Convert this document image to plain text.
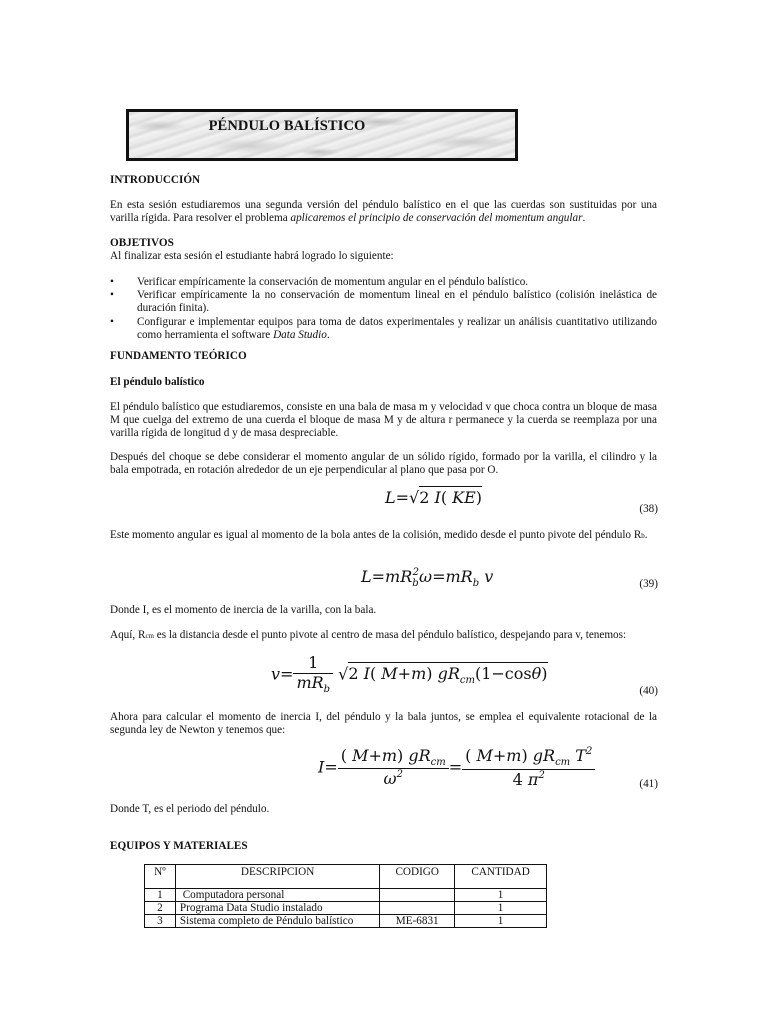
PÉNDULO BALÍSTICO
INTRODUCCIÓN
En esta sesión estudiaremos una segunda versión del péndulo balístico en el que las cuerdas son sustituidas por una varilla rígida. Para resolver el problema aplicaremos el principio de conservación del momentum angular.
OBJETIVOS
Al finalizar esta sesión el estudiante habrá logrado lo siguiente:
• Verificar empíricamente la conservación de momentum angular en el péndulo balístico.
• Verificar empíricamente la no conservación de momentum lineal en el péndulo balístico (colisión inelástica de duración finita).
• Configurar e implementar equipos para toma de datos experimentales y realizar un análisis cuantitativo utilizando como herramienta el software Data Studio.
FUNDAMENTO TEÓRICO
El péndulo balístico
El péndulo balístico que estudiaremos, consiste en una bala de masa m y velocidad v que choca contra un bloque de masa M que cuelga del extremo de una cuerda el bloque de masa M y de altura r permanece y la cuerda se reemplaza por una varilla rígida de longitud d y de masa despreciable.
Después del choque se debe considerar el momento angular de un sólido rígido, formado por la varilla, el cilindro y la bala empotrada, en rotación alrededor de un eje perpendicular al plano que pasa por O.
L=√2 I( KE)
(38)
Este momento angular es igual al momento de la bola antes de la colisión, medido desde el punto pivote del péndulo Rb.
$L=mR_b^2\omega=mR_b$ v	(39)
Donde I, es el momento de inercia de la varilla, con la bala.
Aquí, Rcm es la distancia desde el punto pivote al centro de masa del péndulo balístico, despejando para v, tenemos:
$v= \frac{1}{mR_b} √2$ I( M+m) $gR_{cm}(1-\cos\theta)$
(40)
Ahora para calcular el momento de inercia I, del péndulo y la bala juntos, se emplea el equivalente rotacional de la segunda ley de Newton y tenemos que:
$I= \frac{( M+m) gR_{cm}}{\omega^2} = \frac{( M+m) gR_{cm} T^2}{4 \pi^2}$	(41)
Donde T, es el periodo del péndulo.
EQUIPOS Y MATERIALES
Nº	DESCRIPCION	CODIGO	CANTIDAD
1	Computadora personal		1
2	Programa Data Studio instalado		1
3	Sistema completo de Péndulo balístico	ME-6831	1
